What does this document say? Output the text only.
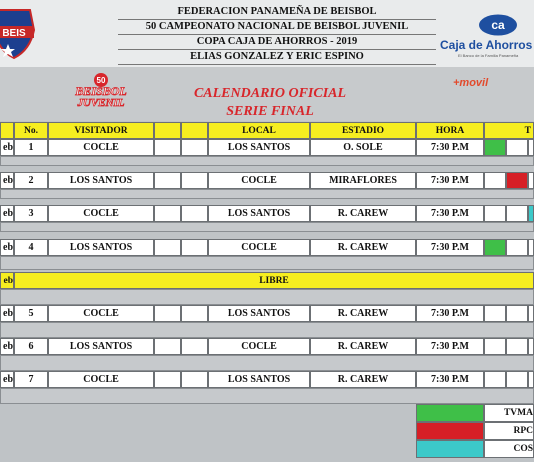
BEIS
FEDERACION PANAMEÑA DE BEISBOL
50 CAMPEONATO NACIONAL DE BEISBOL JUVENIL
COPA CAJA DE AHORROS - 2019
ELIAS GONZALEZ Y ERIC ESPINO
ca
Caja de Ahorros
El Banco de la Familia Panameña
50
BEISBOL
JUVENIL
CALENDARIO OFICIAL
SERIE FINAL
+movil
No.	VISITADOR	LOCAL	ESTADIO	HORA	T
eb	1	COCLE	LOS SANTOS	O. SOLE	7:30 P.M
eb	2	LOS SANTOS	COCLE	MIRAFLORES	7:30 P.M
eb	3	COCLE	LOS SANTOS	R. CAREW	7:30 P.M
eb	4	LOS SANTOS	COCLE	R. CAREW	7:30 P.M
eb	LIBRE
eb	5	COCLE	LOS SANTOS	R. CAREW	7:30 P.M
eb	6	LOS SANTOS	COCLE	R. CAREW	7:30 P.M
eb	7	COCLE	LOS SANTOS	R. CAREW	7:30 P.M
TVMA
RPC
COS
